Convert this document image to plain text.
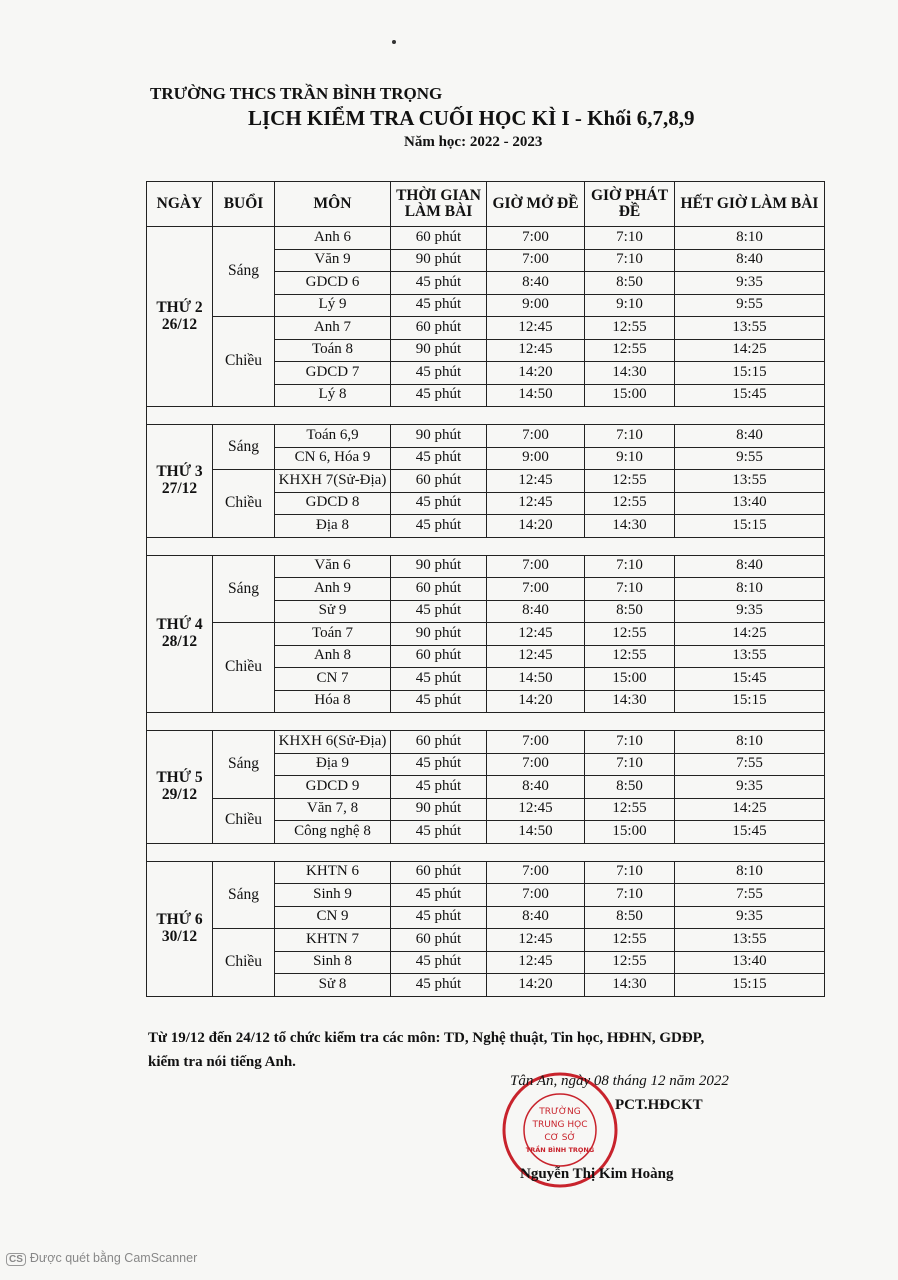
TRƯỜNG THCS TRẦN BÌNH TRỌNG
LỊCH KIỂM TRA CUỐI HỌC KÌ I - Khối 6,7,8,9
Năm học: 2022 - 2023
NGÀY	BUỔI	MÔN	THỜI GIAN LÀM BÀI	GIỜ MỞ ĐỀ	GIỜ PHÁT ĐỀ	HẾT GIỜ LÀM BÀI

THỨ 2
26/12	Sáng	Anh 6	60 phút	7:00	7:10	8:10
		Văn 9	90 phút	7:00	7:10	8:40
		GDCD 6	45 phút	8:40	8:50	9:35
		Lý 9	45 phút	9:00	9:10	9:55
	Chiều	Anh 7	60 phút	12:45	12:55	13:55
		Toán 8	90 phút	12:45	12:55	14:25
		GDCD 7	45 phút	14:20	14:30	15:15
		Lý 8	45 phút	14:50	15:00	15:45

THỨ 3
27/12	Sáng	Toán 6,9	90 phút	7:00	7:10	8:40
		CN 6, Hóa 9	45 phút	9:00	9:10	9:55
	Chiều	KHXH 7(Sử-Địa)	60 phút	12:45	12:55	13:55
		GDCD 8	45 phút	12:45	12:55	13:40
		Địa 8	45 phút	14:20	14:30	15:15

THỨ 4
28/12	Sáng	Văn 6	90 phút	7:00	7:10	8:40
		Anh 9	60 phút	7:00	7:10	8:10
		Sử 9	45 phút	8:40	8:50	9:35
	Chiều	Toán 7	90 phút	12:45	12:55	14:25
		Anh 8	60 phút	12:45	12:55	13:55
		CN 7	45 phút	14:50	15:00	15:45
		Hóa 8	45 phút	14:20	14:30	15:15

THỨ 5
29/12	Sáng	KHXH 6(Sử-Địa)	60 phút	7:00	7:10	8:10
		Địa 9	45 phút	7:00	7:10	7:55
		GDCD 9	45 phút	8:40	8:50	9:35
	Chiều	Văn 7, 8	90 phút	12:45	12:55	14:25
		Công nghệ 8	45 phút	14:50	15:00	15:45

THỨ 6
30/12	Sáng	KHTN 6	60 phút	7:00	7:10	8:10
		Sinh 9	45 phút	7:00	7:10	7:55
		CN 9	45 phút	8:40	8:50	9:35
	Chiều	KHTN 7	60 phút	12:45	12:55	13:55
		Sinh 8	45 phút	12:45	12:55	13:40
		Sử 8	45 phút	14:20	14:30	15:15
Từ 19/12 đến 24/12 tổ chức kiểm tra các môn: TD, Nghệ thuật, Tin học, HĐHN, GDĐP,
kiểm tra nói tiếng Anh.
TRƯỜNG
TRUNG HỌC
CƠ SỞ
TRẦN BÌNH TRỌNG
Tân An, ngày 08 tháng 12 năm 2022
PCT.HĐCKT
Nguyễn Thị Kim Hoàng
CS Được quét bằng CamScanner
